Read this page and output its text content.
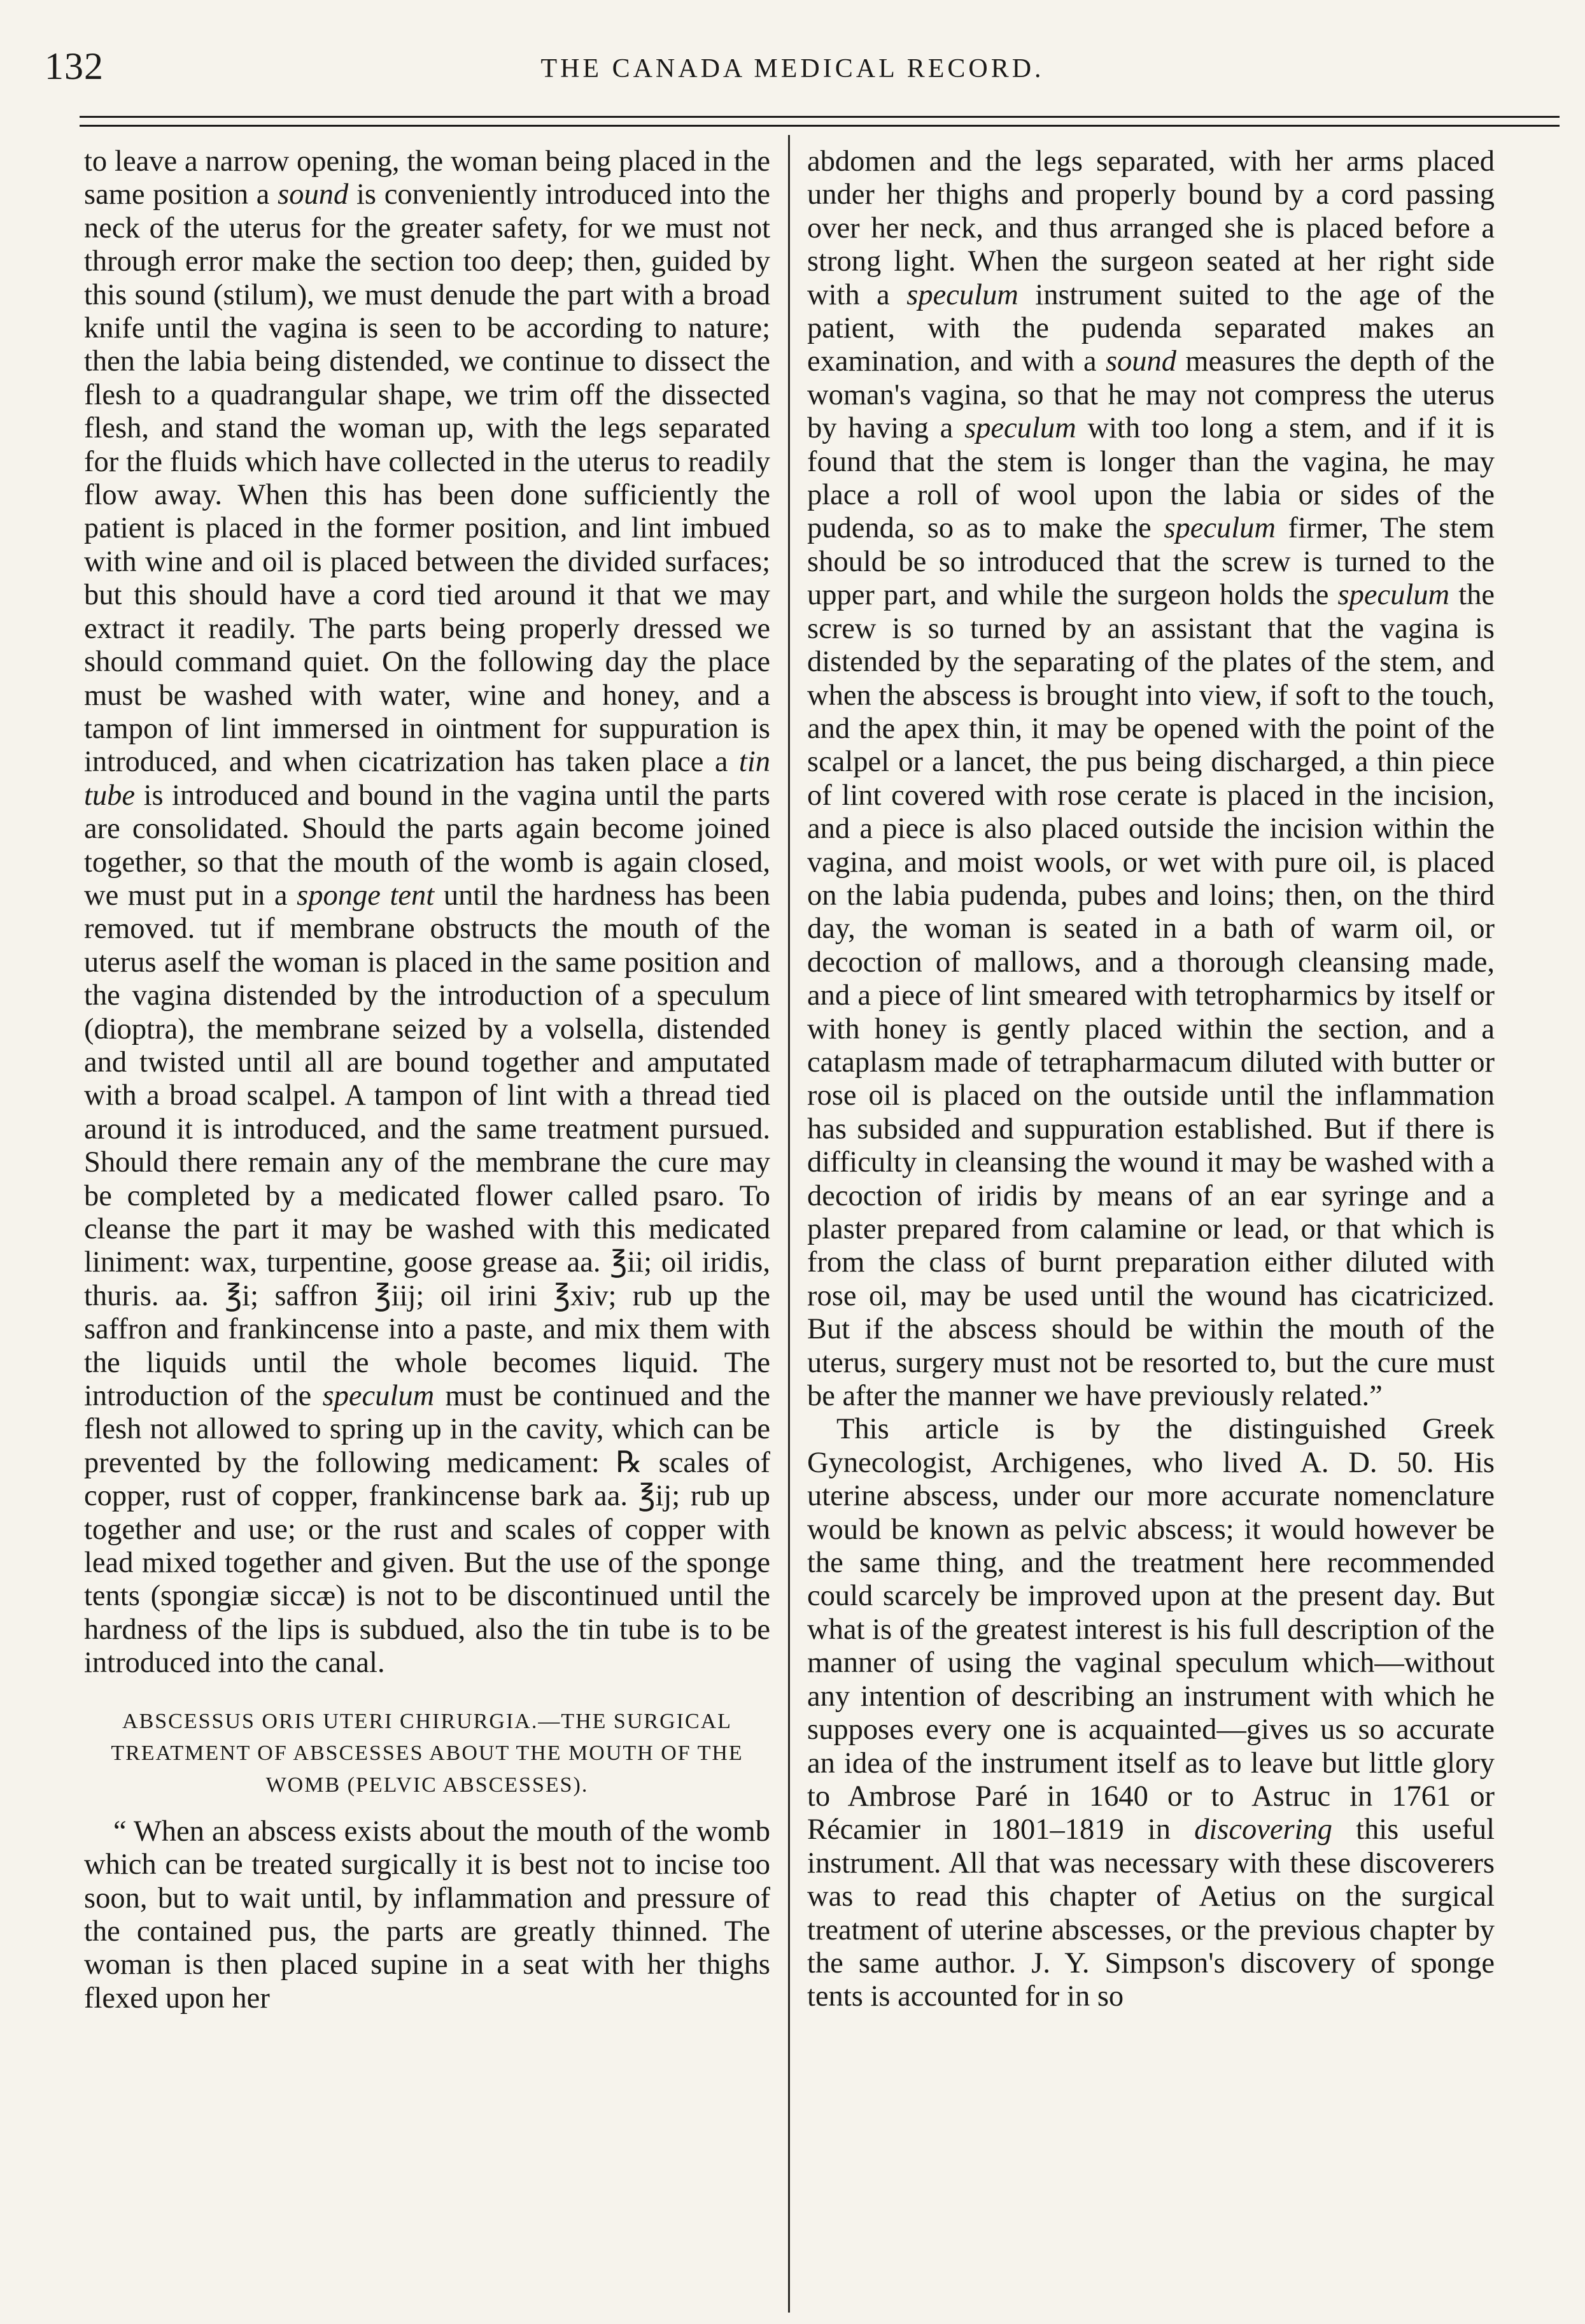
132	THE CANADA MEDICAL RECORD.

to leave a narrow opening, the woman being placed in the same position a sound is conveniently introduced into the neck of the uterus for the greater safety, for we must not through error make the section too deep; then, guided by this sound (stilum), we must denude the part with a broad knife until the vagina is seen to be according to nature; then the labia being distended, we continue to dissect the flesh to a quadrangular shape, we trim off the dissected flesh, and stand the woman up, with the legs separated for the fluids which have collected in the uterus to readily flow away. When this has been done sufficiently the patient is placed in the former position, and lint imbued with wine and oil is placed between the divided surfaces; but this should have a cord tied around it that we may extract it readily. The parts being properly dressed we should command quiet. On the following day the place must be washed with water, wine and honey, and a tampon of lint immersed in ointment for suppuration is introduced, and when cicatrization has taken place a tin tube is introduced and bound in the vagina until the parts are consolidated. Should the parts again become joined together, so that the mouth of the womb is again closed, we must put in a sponge tent until the hardness has been removed. tut if membrane obstructs the mouth of the uterus aself the woman is placed in the same position and the vagina distended by the introduction of a speculum (dioptra), the membrane seized by a volsella, distended and twisted until all are bound together and amputated with a broad scalpel. A tampon of lint with a thread tied around it is introduced, and the same treatment pursued. Should there remain any of the membrane the cure may be completed by a medicated flower called psaro. To cleanse the part it may be washed with this medicated liniment: wax, turpentine, goose grease aa. ℥ii; oil iridis, thuris. aa. ℥i; saffron ℥iij; oil irini ℥xiv; rub up the saffron and frankincense into a paste, and mix them with the liquids until the whole becomes liquid. The introduction of the speculum must be continued and the flesh not allowed to spring up in the cavity, which can be prevented by the following medicament: ℞ scales of copper, rust of copper, frankincense bark aa. ℥ij; rub up together and use; or the rust and scales of copper with lead mixed together and given. But the use of the sponge tents (spongiæ siccæ) is not to be discontinued until the hardness of the lips is subdued, also the tin tube is to be introduced into the canal.

ABSCESSUS ORIS UTERI CHIRURGIA.—THE SURGICAL TREATMENT OF ABSCESSES ABOUT THE MOUTH OF THE WOMB (PELVIC ABSCESSES).

“ When an abscess exists about the mouth of the womb which can be treated surgically it is best not to incise too soon, but to wait until, by inflammation and pressure of the contained pus, the parts are greatly thinned. The woman is then placed supine in a seat with her thighs flexed upon her

abdomen and the legs separated, with her arms placed under her thighs and properly bound by a cord passing over her neck, and thus arranged she is placed before a strong light. When the surgeon seated at her right side with a speculum instrument suited to the age of the patient, with the pudenda separated makes an examination, and with a sound measures the depth of the woman's vagina, so that he may not compress the uterus by having a speculum with too long a stem, and if it is found that the stem is longer than the vagina, he may place a roll of wool upon the labia or sides of the pudenda, so as to make the speculum firmer, The stem should be so introduced that the screw is turned to the upper part, and while the surgeon holds the speculum the screw is so turned by an assistant that the vagina is distended by the separating of the plates of the stem, and when the abscess is brought into view, if soft to the touch, and the apex thin, it may be opened with the point of the scalpel or a lancet, the pus being discharged, a thin piece of lint covered with rose cerate is placed in the incision, and a piece is also placed outside the incision within the vagina, and moist wools, or wet with pure oil, is placed on the labia pudenda, pubes and loins; then, on the third day, the woman is seated in a bath of warm oil, or decoction of mallows, and a thorough cleansing made, and a piece of lint smeared with tetropharmics by itself or with honey is gently placed within the section, and a cataplasm made of tetrapharmacum diluted with butter or rose oil is placed on the outside until the inflammation has subsided and suppuration established. But if there is difficulty in cleansing the wound it may be washed with a decoction of iridis by means of an ear syringe and a plaster prepared from calamine or lead, or that which is from the class of burnt preparation either diluted with rose oil, may be used until the wound has cicatricized. But if the abscess should be within the mouth of the uterus, surgery must not be resorted to, but the cure must be after the manner we have previously related.”

This article is by the distinguished Greek Gynecologist, Archigenes, who lived A. D. 50. His uterine abscess, under our more accurate nomenclature would be known as pelvic abscess; it would however be the same thing, and the treatment here recommended could scarcely be improved upon at the present day. But what is of the greatest interest is his full description of the manner of using the vaginal speculum which—without any intention of describing an instrument with which he supposes every one is acquainted—gives us so accurate an idea of the instrument itself as to leave but little glory to Ambrose Paré in 1640 or to Astruc in 1761 or Récamier in 1801–1819 in discovering this useful instrument. All that was necessary with these discoverers was to read this chapter of Aetius on the surgical treatment of uterine abscesses, or the previous chapter by the same author. J. Y. Simpson's discovery of sponge tents is accounted for in so
